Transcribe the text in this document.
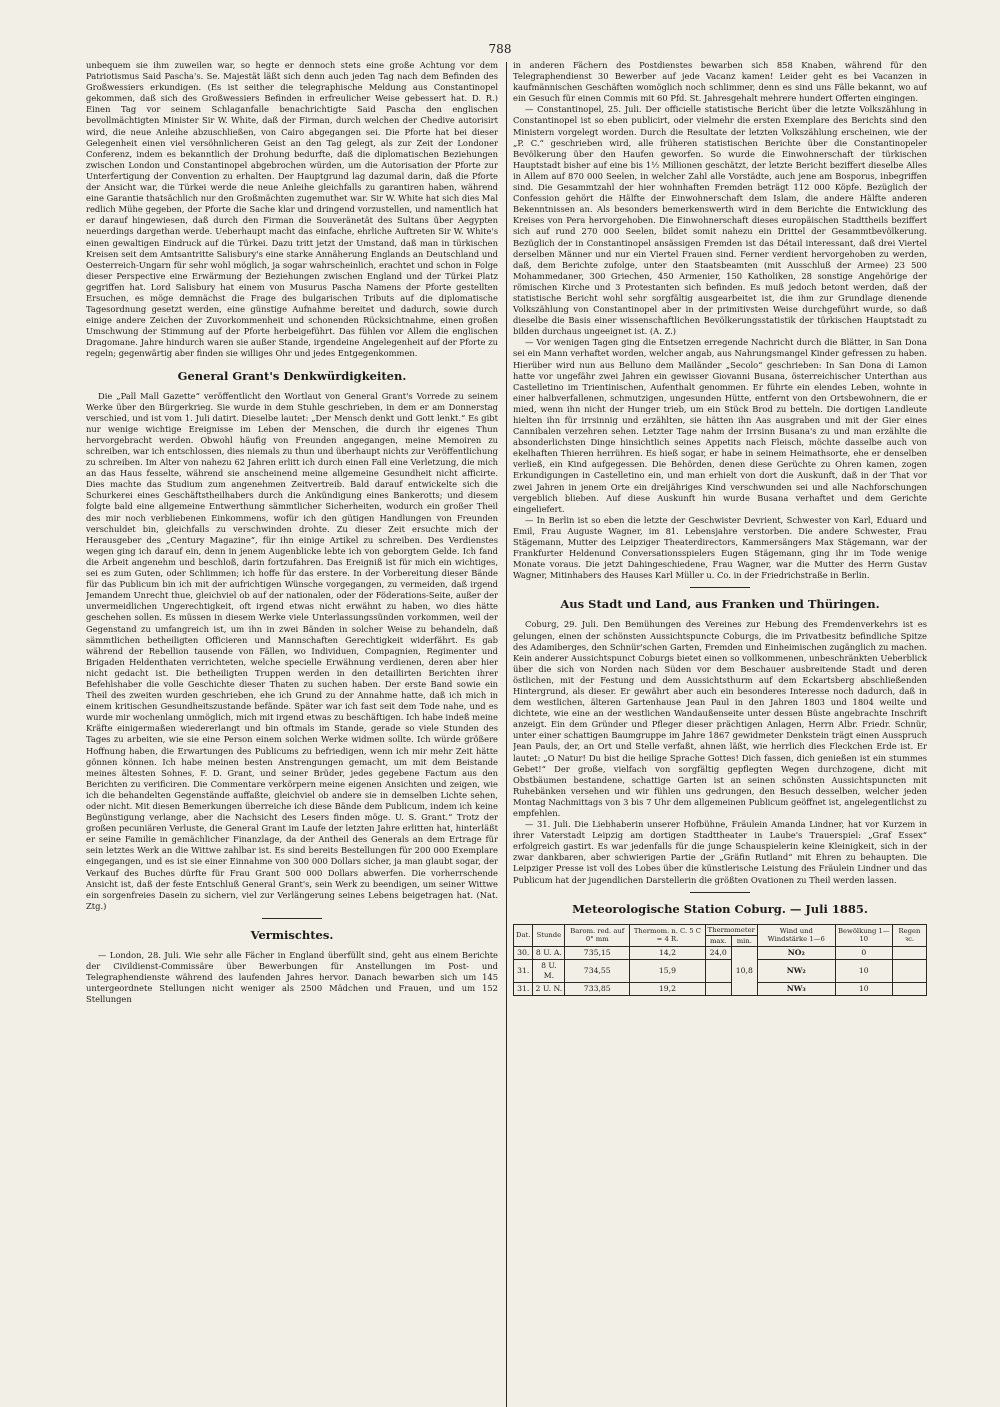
788

unbequem sie ihm zuweilen war, so hegte er dennoch stets eine große Achtung vor dem Patriotismus Said Pascha's. Se. Majestät läßt sich denn auch jeden Tag nach dem Befinden des Großwessiers erkundigen. (Es ist seither die telegraphische Meldung aus Constantinopel gekommen, daß sich des Großwessiers Befinden in erfreulicher Weise gebessert hat. D. R.) Einen Tag vor seinem Schlaganfalle benachrichtigte Said Pascha den englischen bevollmächtigten Minister Sir W. White, daß der Firman, durch welchen der Chedive autorisirt wird, die neue Anleihe abzuschließen, von Cairo abgegangen sei. Die Pforte hat bei dieser Gelegenheit einen viel versöhnlicheren Geist an den Tag gelegt, als zur Zeit der Londoner Conferenz, indem es bekanntlich der Drohung bedurfte, daß die diplomatischen Beziehungen zwischen London und Constantinopel abgebrochen würden, um die Autorisation der Pforte zur Unterfertigung der Convention zu erhalten. Der Hauptgrund lag dazumal darin, daß die Pforte der Ansicht war, die Türkei werde die neue Anleihe gleichfalls zu garantiren haben, während eine Garantie thatsächlich nur den Großmächten zugemuthet war. Sir W. White hat sich dies Mal redlich Mühe gegeben, der Pforte die Sache klar und dringend vorzustellen, und namentlich hat er darauf hingewiesen, daß durch den Firman die Souveränetät des Sultans über Aegypten neuerdings dargethan werde. Ueberhaupt macht das einfache, ehrliche Auftreten Sir W. White's einen gewaltigen Eindruck auf die Türkei. Dazu tritt jetzt der Umstand, daß man in türkischen Kreisen seit dem Amtsantritte Salisbury's eine starke Annäherung Englands an Deutschland und Oesterreich-Ungarn für sehr wohl möglich, ja sogar wahrscheinlich, erachtet und schon in Folge dieser Perspective eine Erwärmung der Beziehungen zwischen England und der Türkei Platz gegriffen hat. Lord Salisbury hat einem von Musurus Pascha Namens der Pforte gestellten Ersuchen, es möge demnächst die Frage des bulgarischen Tributs auf die diplomatische Tagesordnung gesetzt werden, eine günstige Aufnahme bereitet und dadurch, sowie durch einige andere Zeichen der Zuvorkommenheit und schonenden Rücksichtnahme, einen großen Umschwung der Stimmung auf der Pforte herbeigeführt. Das fühlen vor Allem die englischen Dragomane. Jahre hindurch waren sie außer Stande, irgendeine Angelegenheit auf der Pforte zu regeln; gegenwärtig aber finden sie williges Ohr und jedes Entgegenkommen.

General Grant's Denkwürdigkeiten.

Die „Pall Mall Gazette“ veröffentlicht den Wortlaut von General Grant's Vorrede zu seinem Werke über den Bürgerkrieg. Sie wurde in dem Stuhle geschrieben, in dem er am Donnerstag verschied, und ist vom 1. Juli datirt. Dieselbe lautet: „Der Mensch denkt und Gott lenkt.“ Es gibt nur wenige wichtige Ereignisse im Leben der Menschen, die durch ihr eigenes Thun hervorgebracht werden. Obwohl häufig von Freunden angegangen, meine Memoiren zu schreiben, war ich entschlossen, dies niemals zu thun und überhaupt nichts zur Veröffentlichung zu schreiben. Im Alter von nahezu 62 Jahren erlitt ich durch einen Fall eine Verletzung, die mich an das Haus fesselte, während sie anscheinend meine allgemeine Gesundheit nicht afficirte. Dies machte das Studium zum angenehmen Zeitvertreib. Bald darauf entwickelte sich die Schurkerei eines Geschäftstheilhabers durch die Ankündigung eines Bankerotts; und diesem folgte bald eine allgemeine Entwerthung sämmtlicher Sicherheiten, wodurch ein großer Theil des mir noch verbliebenen Einkommens, wofür ich den gütigen Handlungen von Freunden verschuldet bin, gleichfalls zu verschwinden drohte. Zu dieser Zeit ersuchte mich der Herausgeber des „Century Magazine“, für ihn einige Artikel zu schreiben. Des Verdienstes wegen ging ich darauf ein, denn in jenem Augenblicke lebte ich von geborgtem Gelde. Ich fand die Arbeit angenehm und beschloß, darin fortzufahren. Das Ereigniß ist für mich ein wichtiges, sei es zum Guten, oder Schlimmen; ich hoffe für das erstere. In der Vorbereitung dieser Bände für das Publicum bin ich mit der aufrichtigen Wünsche vorgegangen, zu vermeiden, daß irgend Jemandem Unrecht thue, gleichviel ob auf der nationalen, oder der Föderations-Seite, außer der unvermeidlichen Ungerechtigkeit, oft irgend etwas nicht erwähnt zu haben, wo dies hätte geschehen sollen. Es müssen in diesem Werke viele Unterlassungssünden vorkommen, weil der Gegenstand zu umfangreich ist, um ihn in zwei Bänden in solcher Weise zu behandeln, daß sämmtlichen betheiligten Officieren und Mannschaften Gerechtigkeit widerfährt. Es gab während der Rebellion tausende von Fällen, wo Individuen, Compagnien, Regimenter und Brigaden Heldenthaten verrichteten, welche specielle Erwähnung verdienen, deren aber hier nicht gedacht ist. Die betheiligten Truppen werden in den detaillirten Berichten ihrer Befehlshaber die volle Geschichte dieser Thaten zu suchen haben. Der erste Band sowie ein Theil des zweiten wurden geschrieben, ehe ich Grund zu der Annahme hatte, daß ich mich in einem kritischen Gesundheitszustande befände. Später war ich fast seit dem Tode nahe, und es wurde mir wochenlang unmöglich, mich mit irgend etwas zu beschäftigen. Ich habe indeß meine Kräfte einigermaßen wiedererlangt und bin oftmals im Stande, gerade so viele Stunden des Tages zu arbeiten, wie sie eine Person einem solchen Werke widmen sollte. Ich würde größere Hoffnung haben, die Erwartungen des Publicums zu befriedigen, wenn ich mir mehr Zeit hätte gönnen können. Ich habe meinen besten Anstrengungen gemacht, um mit dem Beistande meines ältesten Sohnes, F. D. Grant, und seiner Brüder, jedes gegebene Factum aus den Berichten zu verificiren. Die Commentare verkörpern meine eigenen Ansichten und zeigen, wie ich die behandelten Gegenstände auffaßte, gleichviel ob andere sie in demselben Lichte sehen, oder nicht. Mit diesen Bemerkungen überreiche ich diese Bände dem Publicum, indem ich keine Begünstigung verlange, aber die Nachsicht des Lesers finden möge. U. S. Grant.“ Trotz der großen pecuniären Verluste, die General Grant im Laufe der letzten Jahre erlitten hat, hinterläßt er seine Familie in gemächlicher Finanzlage, da der Antheil des Generals an dem Ertrage für sein letztes Werk an die Wittwe zahlbar ist. Es sind bereits Bestellungen für 200 000 Exemplare eingegangen, und es ist sie einer Einnahme von 300 000 Dollars sicher, ja man glaubt sogar, der Verkauf des Buches dürfte für Frau Grant 500 000 Dollars abwerfen. Die vorherrschende Ansicht ist, daß der feste Entschluß General Grant's, sein Werk zu beendigen, um seiner Wittwe ein sorgenfreies Dasein zu sichern, viel zur Verlängerung seines Lebens beigetragen hat. (Nat. Ztg.)

Vermischtes.

— London, 28. Juli. Wie sehr alle Fächer in England überfüllt sind, geht aus einem Berichte der Civildienst-Commissäre über Bewerbungen für Anstellungen im Post- und Telegraphendienste während des laufenden Jahres hervor. Danach bewarben sich um 145 untergeordnete Stellungen nicht weniger als 2500 Mädchen und Frauen, und um 152 Stellungen

in anderen Fächern des Postdienstes bewarben sich 858 Knaben, während für den Telegraphendienst 30 Bewerber auf jede Vacanz kamen! Leider geht es bei Vacanzen in kaufmännischen Geschäften womöglich noch schlimmer, denn es sind uns Fälle bekannt, wo auf ein Gesuch für einen Commis mit 60 Pfd. St. Jahresgehalt mehrere hundert Offerten eingingen.

— Constantinopel, 25. Juli. Der officielle statistische Bericht über die letzte Volkszählung in Constantinopel ist so eben publicirt, oder vielmehr die ersten Exemplare des Berichts sind den Ministern vorgelegt worden. Durch die Resultate der letzten Volkszählung erscheinen, wie der „P. C.“ geschrieben wird, alle früheren statistischen Berichte über die Constantinopeler Bevölkerung über den Haufen geworfen. So wurde die Einwohnerschaft der türkischen Hauptstadt bisher auf eine bis 1½ Millionen geschätzt, der letzte Bericht beziffert dieselbe Alles in Allem auf 870 000 Seelen, in welcher Zahl alle Vorstädte, auch jene am Bosporus, inbegriffen sind. Die Gesammtzahl der hier wohnhaften Fremden beträgt 112 000 Köpfe. Bezüglich der Confession gehört die Hälfte der Einwohnerschaft dem Islam, die andere Hälfte anderen Bekenntnissen an. Als besonders bemerkenswerth wird in dem Berichte die Entwicklung des Kreises von Pera hervorgehoben. Die Einwohnerschaft dieses europäischen Stadttheils beziffert sich auf rund 270 000 Seelen, bildet somit nahezu ein Drittel der Gesammtbevölkerung. Bezüglich der in Constantinopel ansässigen Fremden ist das Détail interessant, daß drei Viertel derselben Männer und nur ein Viertel Frauen sind. Ferner verdient hervorgehoben zu werden, daß, dem Berichte zufolge, unter den Staatsbeamten (mit Ausschluß der Armee) 23 500 Mohammedaner, 300 Griechen, 450 Armenier, 150 Katholiken, 28 sonstige Angehörige der römischen Kirche und 3 Protestanten sich befinden. Es muß jedoch betont werden, daß der statistische Bericht wohl sehr sorgfältig ausgearbeitet ist, die ihm zur Grundlage dienende Volkszählung von Constantinopel aber in der primitivsten Weise durchgeführt wurde, so daß dieselbe die Basis einer wissenschaftlichen Bevölkerungsstatistik der türkischen Hauptstadt zu bilden durchaus ungeeignet ist. (A. Z.)

— Vor wenigen Tagen ging die Entsetzen erregende Nachricht durch die Blätter, in San Dona sei ein Mann verhaftet worden, welcher angab, aus Nahrungsmangel Kinder gefressen zu haben. Hierüber wird nun aus Belluno dem Mailänder „Secolo“ geschrieben: In San Dona di Lamon hatte vor ungefähr zwei Jahren ein gewisser Giovanni Busana, österreichischer Unterthan aus Castelletino im Trientinischen, Aufenthalt genommen. Er führte ein elendes Leben, wohnte in einer halbverfallenen, schmutzigen, ungesunden Hütte, entfernt von den Ortsbewohnern, die er mied, wenn ihn nicht der Hunger trieb, um ein Stück Brod zu betteln. Die dortigen Landleute hielten ihn für irrsinnig und erzählten, sie hätten ihn Aas ausgraben und mit der Gier eines Cannibalen verzehren sehen. Letzter Tage nahm der Irrsinn Busana's zu und man erzählte die absonderlichsten Dinge hinsichtlich seines Appetits nach Fleisch, möchte dasselbe auch von ekelhaften Thieren herrühren. Es hieß sogar, er habe in seinem Heimathsorte, ehe er denselben verließ, ein Kind aufgegessen. Die Behörden, denen diese Gerüchte zu Ohren kamen, zogen Erkundigungen in Castelletino ein, und man erhielt von dort die Auskunft, daß in der That vor zwei Jahren in jenem Orte ein dreijähriges Kind verschwunden sei und alle Nachforschungen vergeblich blieben. Auf diese Auskunft hin wurde Busana verhaftet und dem Gerichte eingeliefert.

— In Berlin ist so eben die letzte der Geschwister Devrient, Schwester von Karl, Eduard und Emil, Frau Auguste Wagner, im 81. Lebensjahre verstorben. Die andere Schwester, Frau Stägemann, Mutter des Leipziger Theaterdirectors, Kammersängers Max Stägemann, war der Frankfurter Heldenund Conversationsspielers Eugen Stägemann, ging ihr im Tode wenige Monate voraus. Die jetzt Dahingeschiedene, Frau Wagner, war die Mutter des Herrn Gustav Wagner, Mitinhabers des Hauses Karl Müller u. Co. in der Friedrichstraße in Berlin.

Aus Stadt und Land, aus Franken und Thüringen.

Coburg, 29. Juli. Den Bemühungen des Vereines zur Hebung des Fremdenverkehrs ist es gelungen, einen der schönsten Aussichtspuncte Coburgs, die im Privatbesitz befindliche Spitze des Adamiberges, den Schnür'schen Garten, Fremden und Einheimischen zugänglich zu machen. Kein anderer Aussichtspunct Coburgs bietet einen so vollkommenen, unbeschränkten Ueberblick über die sich von Norden nach Süden vor dem Beschauer ausbreitende Stadt und deren östlichen, mit der Festung und dem Aussichtsthurm auf dem Eckartsberg abschließenden Hintergrund, als dieser. Er gewährt aber auch ein besonderes Interesse noch dadurch, daß in dem westlichen, älteren Gartenhause Jean Paul in den Jahren 1803 und 1804 weilte und dichtete, wie eine an der westlichen Wandaußenseite unter dessen Büste angebrachte Inschrift anzeigt. Ein dem Gründer und Pfleger dieser prächtigen Anlagen, Herrn Albr. Friedr. Schnür, unter einer schattigen Baumgruppe im Jahre 1867 gewidmeter Denkstein trägt einen Ausspruch Jean Pauls, der, an Ort und Stelle verfaßt, ahnen läßt, wie herrlich dies Fleckchen Erde ist. Er lautet: „O Natur! Du bist die heilige Sprache Gottes! Dich fassen, dich genießen ist ein stummes Gebet!“ Der große, vielfach von sorgfältig gepflegten Wegen durchzogene, dicht mit Obstbäumen bestandene, schattige Garten ist an seinen schönsten Aussichtspuncten mit Ruhebänken versehen und wir fühlen uns gedrungen, den Besuch desselben, welcher jeden Montag Nachmittags von 3 bis 7 Uhr dem allgemeinen Publicum geöffnet ist, angelegentlichst zu empfehlen.

— 31. Juli. Die Liebhaberin unserer Hofbühne, Fräulein Amanda Lindner, hat vor Kurzem in ihrer Vaterstadt Leipzig am dortigen Stadttheater in Laube's Trauerspiel: „Graf Essex“ erfolgreich gastirt. Es war jedenfalls für die junge Schauspielerin keine Kleinigkeit, sich in der zwar dankbaren, aber schwierigen Partie der „Gräfin Rutland“ mit Ehren zu behaupten. Die Leipziger Presse ist voll des Lobes über die künstlerische Leistung des Fräulein Lindner und das Publicum hat der jugendlichen Darstellerin die größten Ovationen zu Theil werden lassen.

Meteorologische Station Coburg. — Juli 1885.
Dat.	Stunde	Barom. red. auf 0° mm	Thermom. n. C. 5 C = 4 R.	Thermometer		Wind und Windstärke 1—6	Bewölkung 1—10	Regen ꝛc.
				max.	min.			
30.	8 U. A.	735,15	14,2	24,0	10,8	NO₂	0	
31.	8 U. M.	734,55	15,9			NW₂	10	
31.	2 U. N.	733,85	19,2			NW₃	10	
